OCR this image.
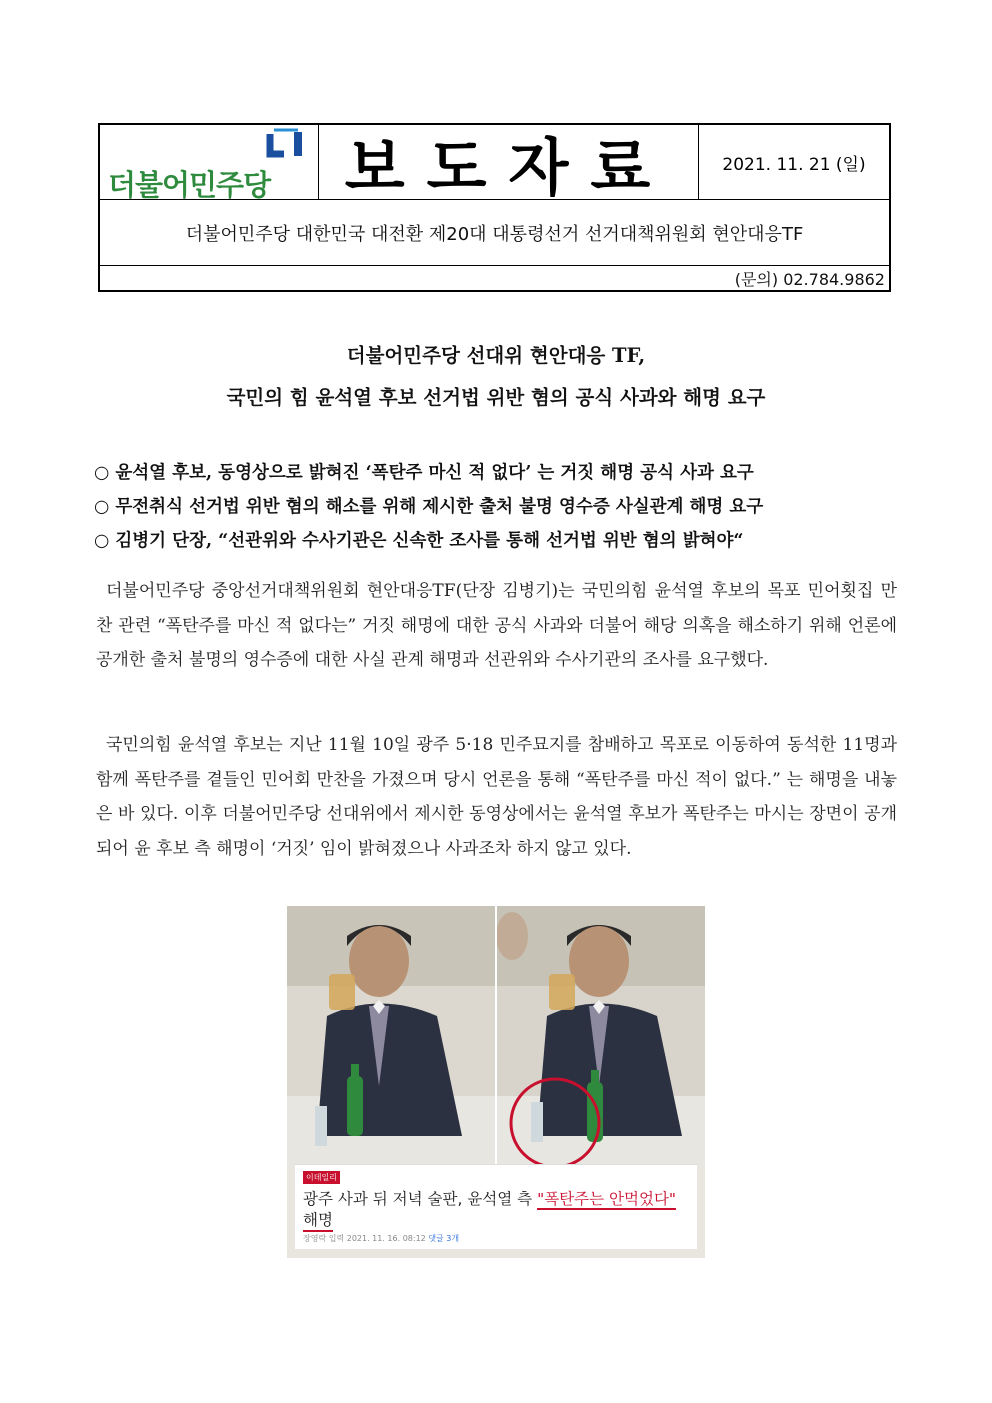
더불어민주당	보도자료	2021. 11. 21 (일)
더불어민주당 대한민국 대전환 제20대 대통령선거 선거대책위원회 현안대응TF
(문의) 02.784.9862
더불어민주당 선대위 현안대응 TF,
국민의 힘 윤석열 후보 선거법 위반 혐의 공식 사과와 해명 요구
○ 윤석열 후보, 동영상으로 밝혀진 ‘폭탄주 마신 적 없다’ 는 거짓 해명 공식 사과 요구
○ 무전취식 선거법 위반 혐의 해소를 위해 제시한 출처 불명 영수증 사실관계 해명 요구
○ 김병기 단장, “선관위와 수사기관은 신속한 조사를 통해 선거법 위반 혐의 밝혀야“
더불어민주당 중앙선거대책위원회 현안대응TF(단장 김병기)는 국민의힘 윤석열 후보의 목포 민어횟집 만찬 관련 “폭탄주를 마신 적 없다는” 거짓 해명에 대한 공식 사과와 더불어 해당 의혹을 해소하기 위해 언론에 공개한 출처 불명의 영수증에 대한 사실 관계 해명과 선관위와 수사기관의 조사를 요구했다.
국민의힘 윤석열 후보는 지난 11월 10일 광주 5·18 민주묘지를 참배하고 목포로 이동하여 동석한 11명과 함께 폭탄주를 곁들인 민어회 만찬을 가졌으며 당시 언론을 통해 “폭탄주를 마신 적이 없다.” 는 해명을 내놓은 바 있다. 이후 더불어민주당 선대위에서 제시한 동영상에서는 윤석열 후보가 폭탄주는 마시는 장면이 공개되어 윤 후보 측 해명이 ‘거짓’ 임이 밝혀졌으나 사과조차 하지 않고 있다.
이데일리
광주 사과 뒤 저녁 술판, 윤석열 측 "폭탄주는 안먹었다"
해명
장영락 입력 2021. 11. 16. 08:12 댓글 3개
